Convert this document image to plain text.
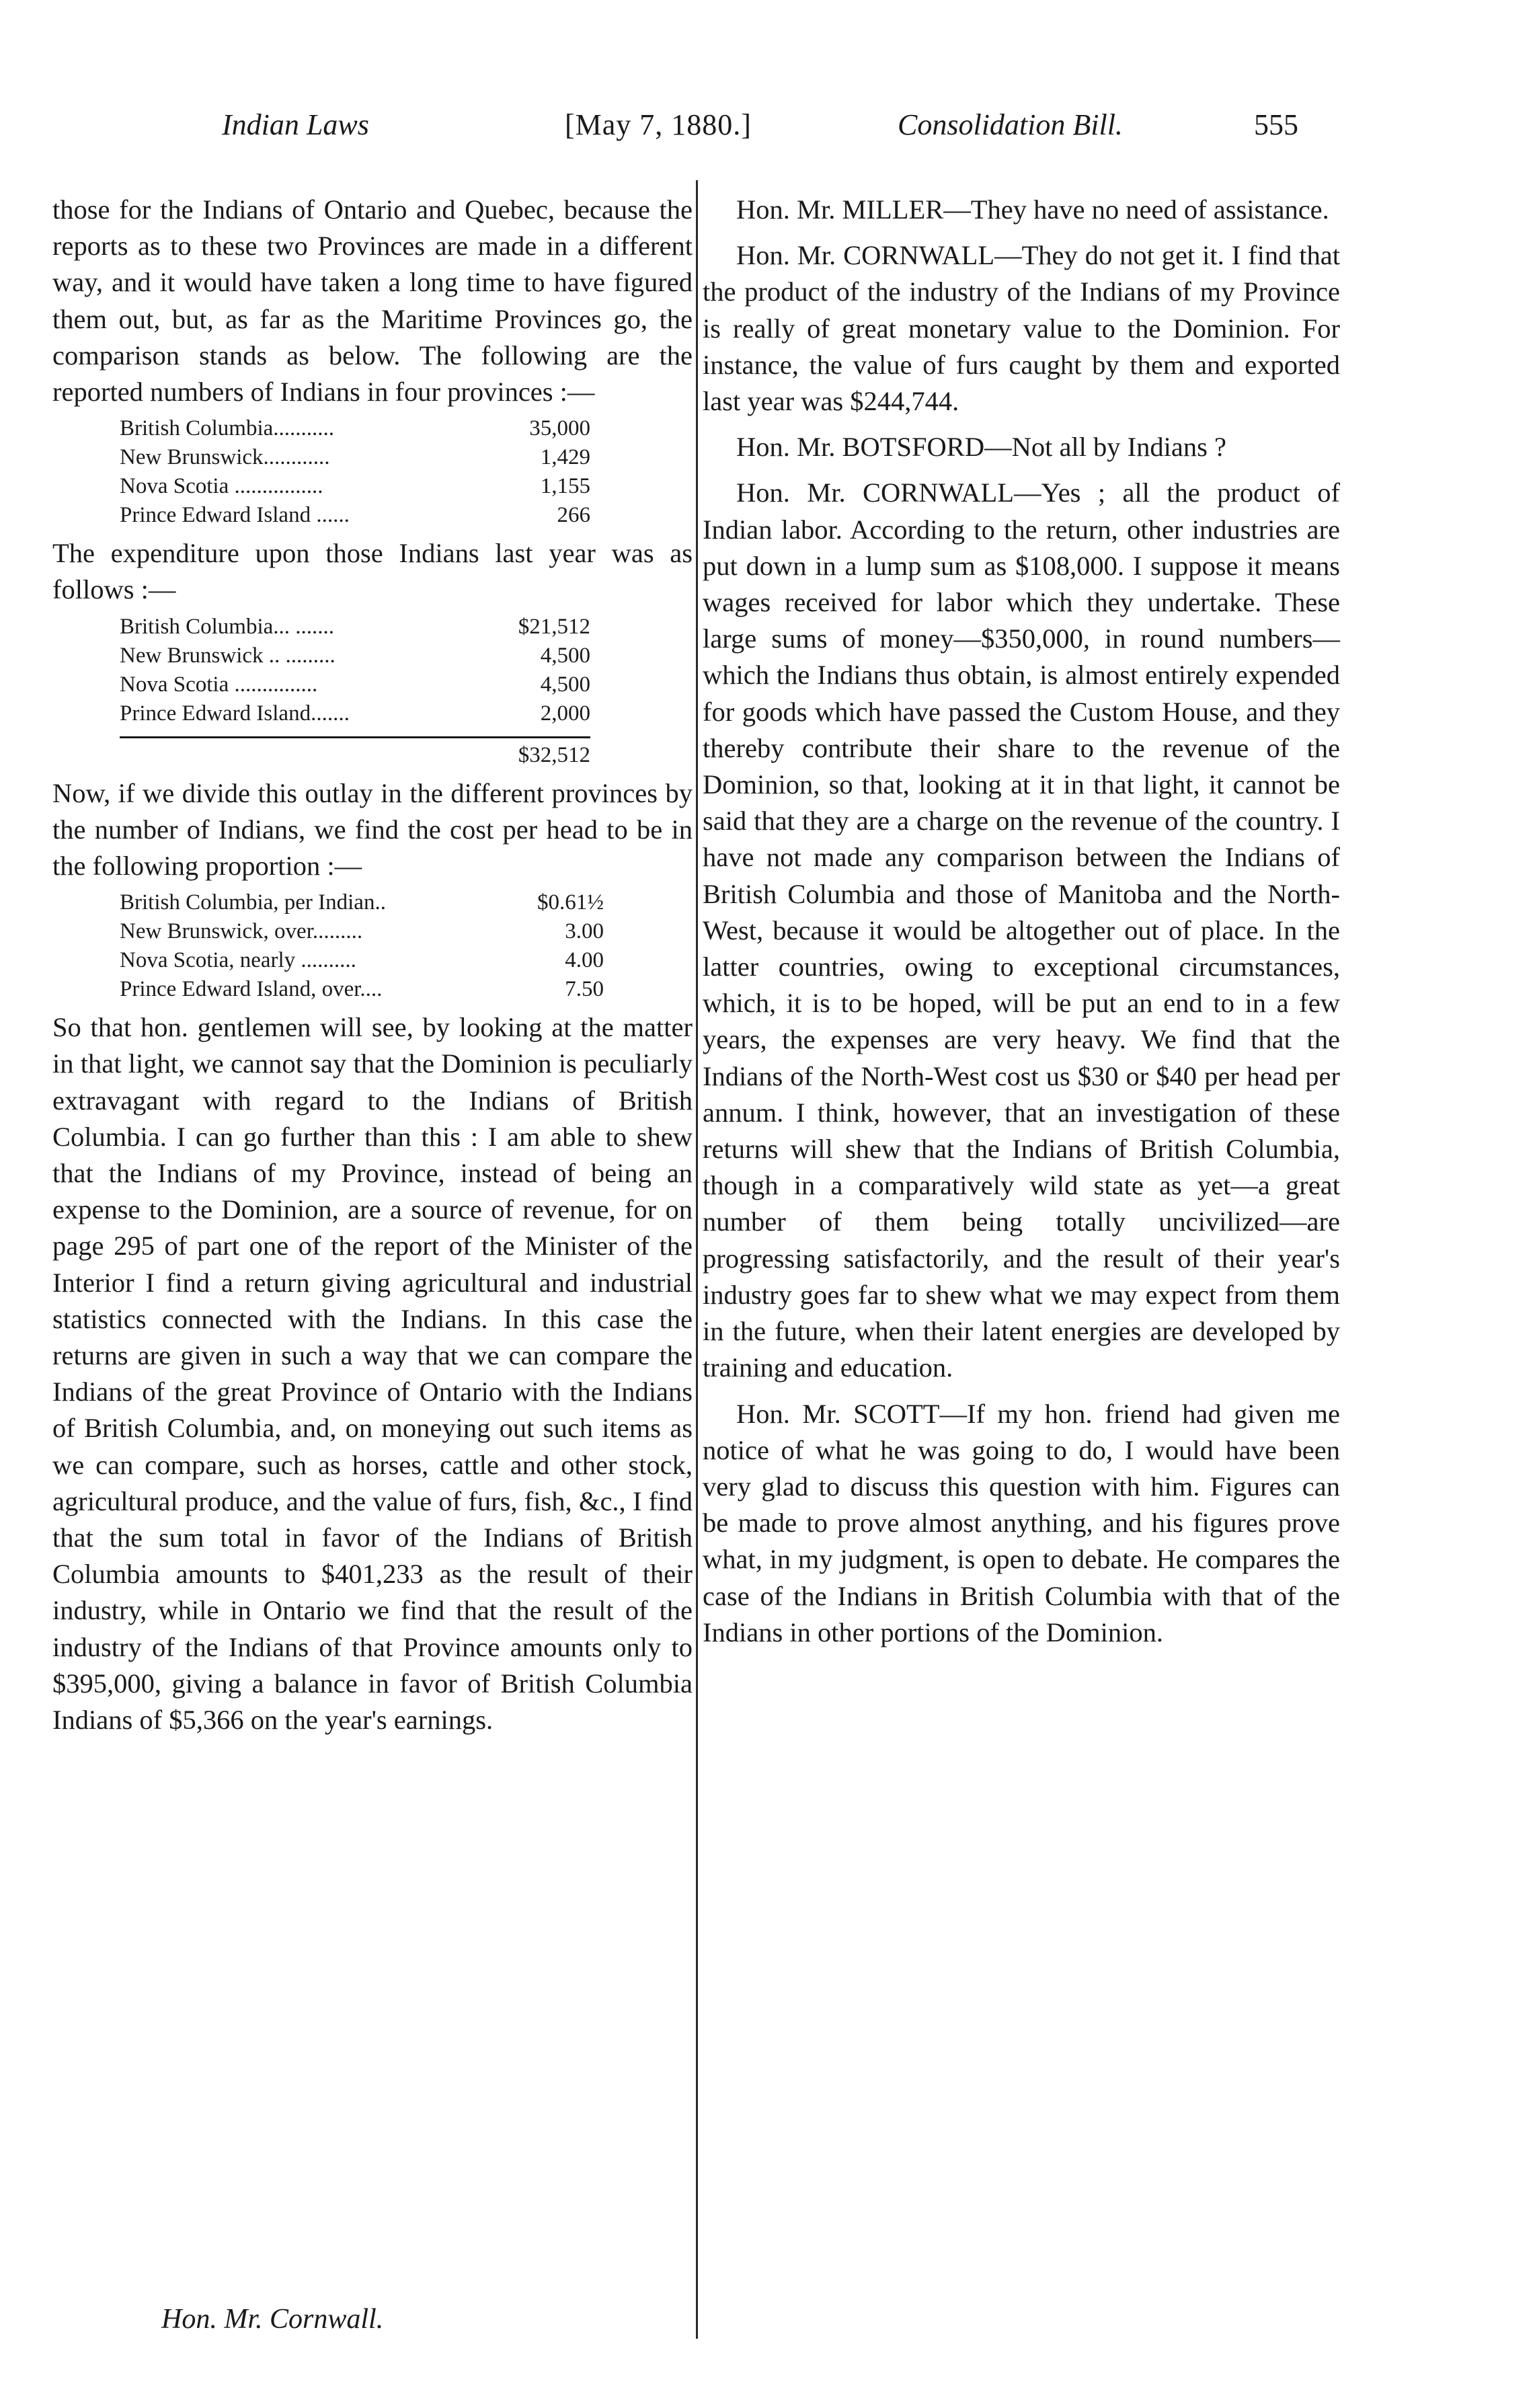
Indian Laws	[May 7, 1880.]	Consolidation Bill.	555

those for the Indians of Ontario and Quebec, because the reports as to these two Provinces are made in a different way, and it would have taken a long time to have figured them out, but, as far as the Maritime Provinces go, the comparison stands as below. The following are the reported numbers of Indians in four provinces :—

British Columbia...........	35,000
New Brunswick............	1,429
Nova Scotia ................	1,155
Prince Edward Island ......	266

The expenditure upon those Indians last year was as follows :—

British Columbia... .......	$21,512
New Brunswick .. .........	4,500
Nova Scotia ...............	4,500
Prince Edward Island.......	2,000
$32,512

Now, if we divide this outlay in the different provinces by the number of Indians, we find the cost per head to be in the following proportion :—

British Columbia, per Indian..	$0.61½
New Brunswick, over.........	3.00
Nova Scotia, nearly ..........	4.00
Prince Edward Island, over....	7.50

So that hon. gentlemen will see, by looking at the matter in that light, we cannot say that the Dominion is peculiarly extravagant with regard to the Indians of British Columbia. I can go further than this : I am able to shew that the Indians of my Province, instead of being an expense to the Dominion, are a source of revenue, for on page 295 of part one of the report of the Minister of the Interior I find a return giving agricultural and industrial statistics connected with the Indians. In this case the returns are given in such a way that we can compare the Indians of the great Province of Ontario with the Indians of British Columbia, and, on moneying out such items as we can compare, such as horses, cattle and other stock, agricultural produce, and the value of furs, fish, &c., I find that the sum total in favor of the Indians of British Columbia amounts to $401,233 as the result of their industry, while in Ontario we find that the result of the industry of the Indians of that Province amounts only to $395,000, giving a balance in favor of British Columbia Indians of $5,366 on the year's earnings.

Hon. Mr. MILLER—They have no need of assistance.

Hon. Mr. CORNWALL—They do not get it. I find that the product of the industry of the Indians of my Province is really of great monetary value to the Dominion. For instance, the value of furs caught by them and exported last year was $244,744.

Hon. Mr. BOTSFORD—Not all by Indians ?

Hon. Mr. CORNWALL—Yes ; all the product of Indian labor. According to the return, other industries are put down in a lump sum as $108,000. I suppose it means wages received for labor which they undertake. These large sums of money—$350,000, in round numbers—which the Indians thus obtain, is almost entirely expended for goods which have passed the Custom House, and they thereby contribute their share to the revenue of the Dominion, so that, looking at it in that light, it cannot be said that they are a charge on the revenue of the country. I have not made any comparison between the Indians of British Columbia and those of Manitoba and the North-West, because it would be altogether out of place. In the latter countries, owing to exceptional circumstances, which, it is to be hoped, will be put an end to in a few years, the expenses are very heavy. We find that the Indians of the North-West cost us $30 or $40 per head per annum. I think, however, that an investigation of these returns will shew that the Indians of British Columbia, though in a comparatively wild state as yet—a great number of them being totally uncivilized—are progressing satisfactorily, and the result of their year's industry goes far to shew what we may expect from them in the future, when their latent energies are developed by training and education.

Hon. Mr. SCOTT—If my hon. friend had given me notice of what he was going to do, I would have been very glad to discuss this question with him. Figures can be made to prove almost anything, and his figures prove what, in my judgment, is open to debate. He compares the case of the Indians in British Columbia with that of the Indians in other portions of the Dominion.

Hon. Mr. Cornwall.
